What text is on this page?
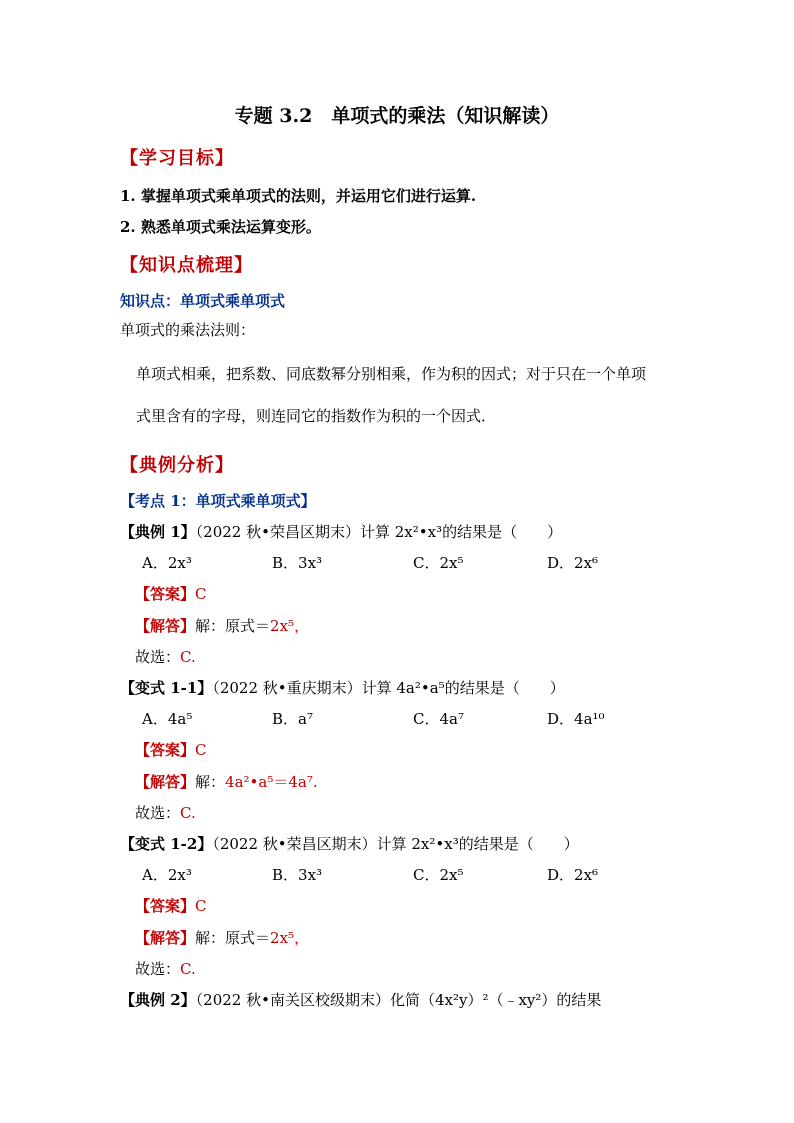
专题 3.2　单项式的乘法（知识解读）
【学习目标】
1. 掌握单项式乘单项式的法则，并运用它们进行运算.
2. 熟悉单项式乘法运算变形。
【知识点梳理】
知识点：单项式乘单项式
单项式的乘法法则：
单项式相乘，把系数、同底数幂分别相乘，作为积的因式；对于只在一个单项
式里含有的字母，则连同它的指数作为积的一个因式．
【典例分析】
【考点 1：单项式乘单项式】
【典例 1】（2022 秋•荣昌区期末）计算 2x²•x³的结果是（　　）
A．2x³	B．3x³	C．2x⁵	D．2x⁶
【答案】C
【解答】解：原式＝2x⁵，
故选：C.
【变式 1-1】（2022 秋•重庆期末）计算 4a²•a⁵的结果是（　　）
A．4a⁵	B．a⁷	C．4a⁷	D．4a¹⁰
【答案】C
【解答】解：4a²•a⁵＝4a⁷.
故选：C.
【变式 1-2】（2022 秋•荣昌区期末）计算 2x²•x³的结果是（　　）
A．2x³	B．3x³	C．2x⁵	D．2x⁶
【答案】C
【解答】解：原式＝2x⁵，
故选：C.
【典例 2】（2022 秋•南关区校级期末）化简（4x²y）²（﹣xy²）的结果
